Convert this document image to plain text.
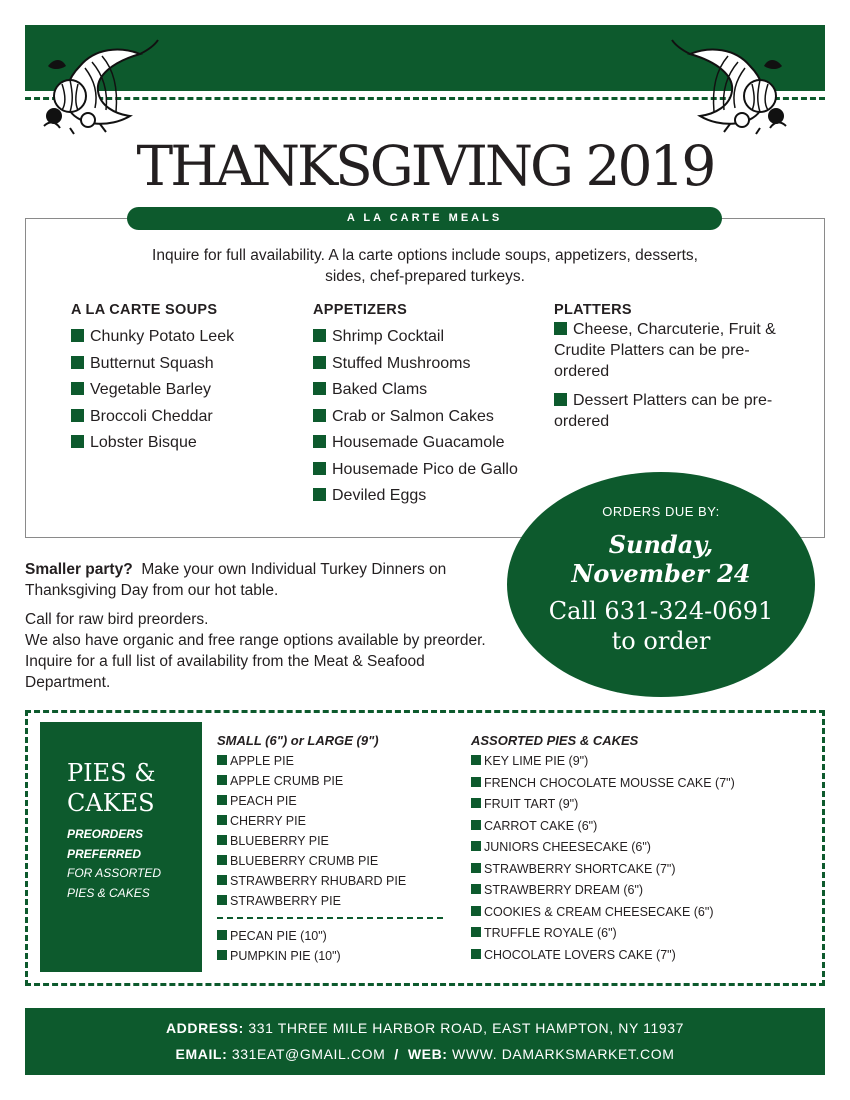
THANKSGIVING 2019
A LA CARTE MEALS
Inquire for full availability. A la carte options include soups, appetizers, desserts, sides, chef-prepared turkeys.
A LA CARTE SOUPS
Chunky Potato Leek
Butternut Squash
Vegetable Barley
Broccoli Cheddar
Lobster Bisque
APPETIZERS
Shrimp Cocktail
Stuffed Mushrooms
Baked Clams
Crab or Salmon Cakes
Housemade Guacamole
Housemade Pico de Gallo
Deviled Eggs
PLATTERS
Cheese, Charcuterie, Fruit & Crudite Platters can be pre-ordered
Dessert Platters can be pre-ordered
ORDERS DUE BY:
Sunday,
November 24
Call 631-324-0691
to order
Smaller party? Make your own Individual Turkey Dinners on Thanksgiving Day from our hot table.
Call for raw bird preorders.
We also have organic and free range options available by preorder. Inquire for a full list of availability from the Meat & Seafood Department.
PIES &
CAKES
PREORDERS
PREFERRED
FOR ASSORTED
PIES & CAKES
SMALL (6") or LARGE (9")
APPLE PIE
APPLE CRUMB PIE
PEACH PIE
CHERRY PIE
BLUEBERRY PIE
BLUEBERRY CRUMB PIE
STRAWBERRY RHUBARD PIE
STRAWBERRY PIE
PECAN PIE (10")
PUMPKIN PIE (10")
ASSORTED PIES & CAKES
KEY LIME PIE (9")
FRENCH CHOCOLATE MOUSSE CAKE (7")
FRUIT TART (9")
CARROT CAKE (6")
JUNIORS CHEESECAKE (6")
STRAWBERRY SHORTCAKE (7")
STRAWBERRY DREAM (6")
COOKIES & CREAM CHEESECAKE (6")
TRUFFLE ROYALE (6")
CHOCOLATE LOVERS CAKE (7")
ADDRESS: 331 THREE MILE HARBOR ROAD, EAST HAMPTON, NY 11937
EMAIL: 331EAT@GMAIL.COM / WEB: WWW. DAMARKSMARKET.COM
